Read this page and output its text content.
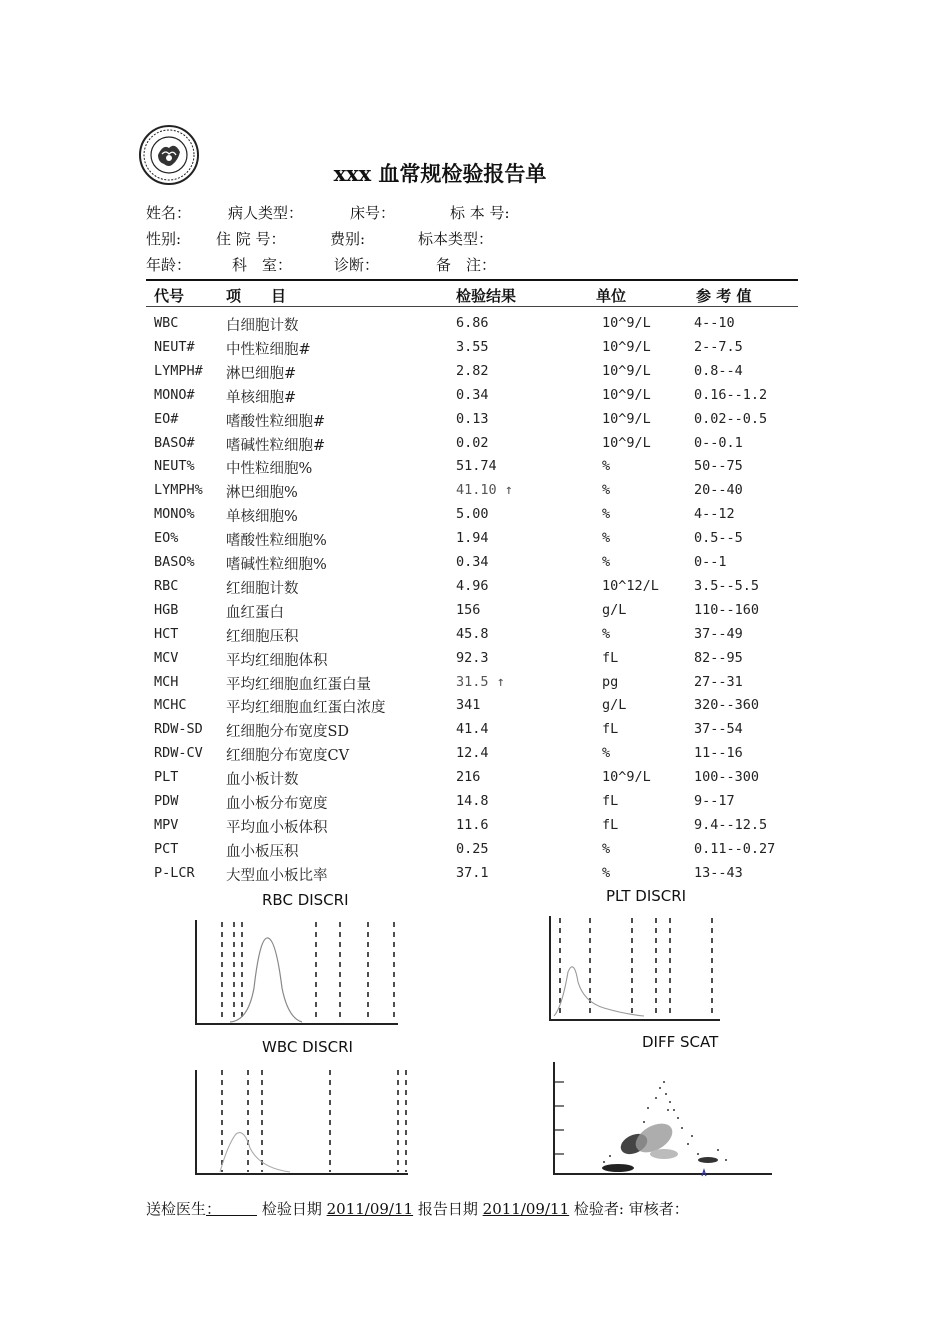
xxx 血常规检验报告单
姓名： 病人类型：	床号：	标 本 号:
性别: 住 院 号：	费别:	标本类型：
年龄：	科　室：	诊断：	备　注：
代号	项　　目	检验结果	单位	参 考 值
WBC	白细胞计数	6.86	10^9/L	4--10
NEUT# 中性粒细胞#	3.55	10^9/L	2--7.5
LYMPH# 淋巴细胞#	2.82	10^9/L	0.8--4
MONO# 单核细胞#	0.34	10^9/L	0.16--1.2
EO#	嗜酸性粒细胞#	0.13	10^9/L	0.02--0.5
BASO# 嗜碱性粒细胞#	0.02	10^9/L	0--0.1
NEUT% 中性粒细胞%	51.74	%	50--75
LYMPH% 淋巴细胞%	41.10 ↑	%	20--40
MONO% 单核细胞%	5.00	%	4--12
EO%	嗜酸性粒细胞%	1.94	%	0.5--5
BASO% 嗜碱性粒细胞%	0.34	%	0--1
RBC	红细胞计数	4.96	10^12/L	3.5--5.5
HGB	血红蛋白	156	g/L	110--160
HCT	红细胞压积	45.8	%	37--49
MCV	平均红细胞体积	92.3	fL	82--95
MCH	平均红细胞血红蛋白量	31.5 ↑	pg	27--31
MCHC	平均红细胞血红蛋白浓度	341	g/L	320--360
RDW-SD 红细胞分布宽度SD	41.4	fL	37--54
RDW-CV 红细胞分布宽度CV	12.4	%	11--16
PLT	血小板计数	216	10^9/L	100--300
PDW	血小板分布宽度	14.8	fL	9--17
MPV	平均血小板体积	11.6	fL	9.4--12.5
PCT	血小板压积	0.25	%	0.11--0.27
P-LCR 大型血小板比率	37.1	%	13--43
RBC DISCRI	PLT DISCRI
WBC DISCRI	DIFF SCAT
送检医生：	检验日期 2011/09/11 报告日期 2011/09/11 检验者: 审核者：
